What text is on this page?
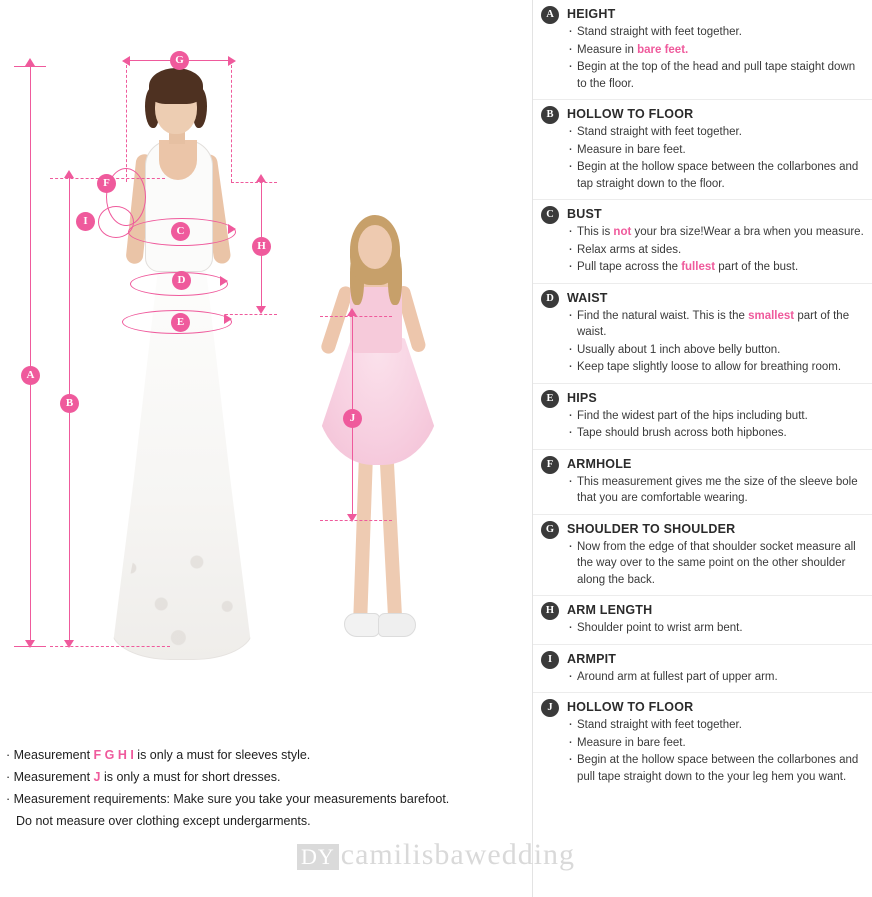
A
B
G
F
I
C
D
E
H
J
· Measurement F G H I is only a must for sleeves style.
· Measurement J is only a must for short dresses.
· Measurement requirements: Make sure you take your measurements barefoot.
Do not measure over clothing except undergarments.
A	HEIGHT
· Stand straight with feet together.
· Measure in bare feet.
· Begin at the top of the head and pull tape staight down to the floor.
B	HOLLOW TO FLOOR
· Stand straight with feet together.
· Measure in bare feet.
· Begin at the hollow space between the collarbones and tap straight down to the floor.
C	BUST
· This is not your bra size!Wear a bra when you measure.
· Relax arms at sides.
· Pull tape across the fullest part of the bust.
D	WAIST
· Find the natural waist. This is the smallest part of the waist.
· Usually about 1 inch above belly button.
· Keep tape slightly loose to allow for breathing room.
E	HIPS
· Find the widest part of the hips including butt.
· Tape should brush across both hipbones.
F	ARMHOLE
· This measurement gives me the size of the sleeve bole that you are comfortable wearing.
G	SHOULDER TO SHOULDER
· Now from the edge of that shoulder socket measure all the way over to the same point on the other shoulder along the back.
H	ARM LENGTH
· Shoulder point to wrist arm bent.
I	ARMPIT
· Around arm at fullest part of upper arm.
J	HOLLOW TO FLOOR
· Stand straight with feet together.
· Measure in bare feet.
· Begin at the hollow space between the collarbones and pull tape straight down to the your leg hem you want.
DY camilisbawedding
